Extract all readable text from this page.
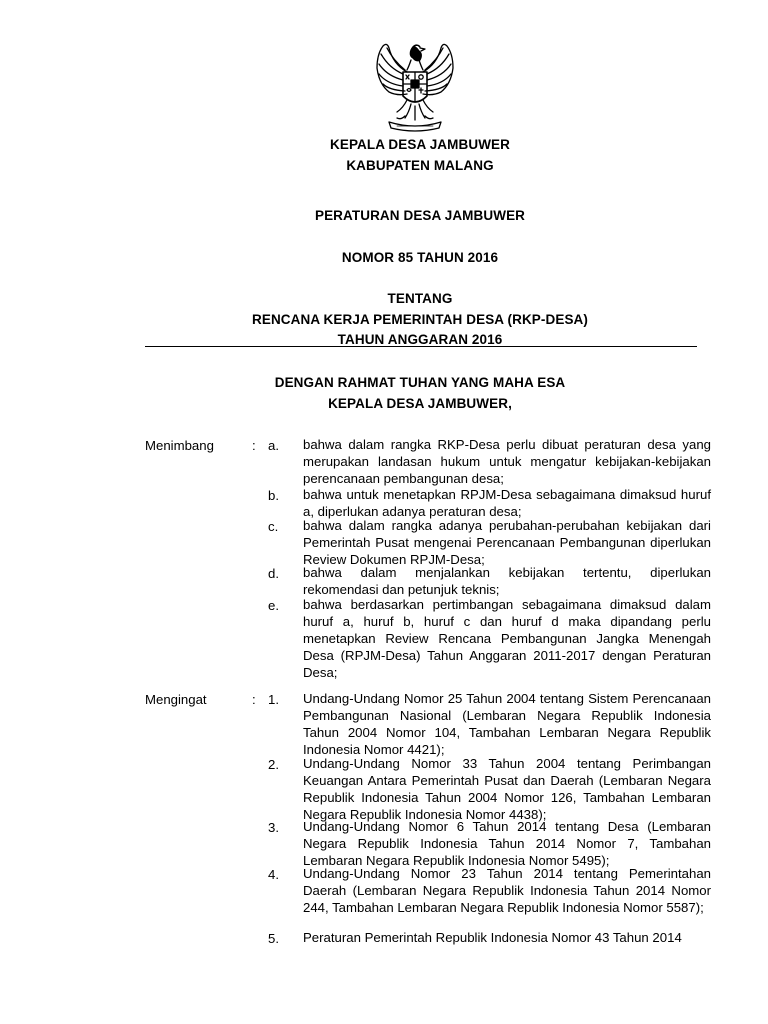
KEPALA DESA JAMBUWER
KABUPATEN MALANG
PERATURAN DESA JAMBUWER
NOMOR 85 TAHUN 2016
TENTANG
RENCANA KERJA PEMERINTAH DESA (RKP-DESA)
TAHUN ANGGARAN 2016
DENGAN RAHMAT TUHAN YANG MAHA ESA
KEPALA DESA JAMBUWER,
Menimbang	: a.	bahwa dalam rangka RKP-Desa perlu dibuat peraturan desa yang merupakan landasan hukum untuk mengatur kebijakan-kebijakan perencanaan pembangunan desa;
b.	bahwa untuk menetapkan RPJM-Desa sebagaimana dimaksud huruf a, diperlukan adanya peraturan desa;
c.	bahwa dalam rangka adanya perubahan-perubahan kebijakan dari Pemerintah Pusat mengenai Perencanaan Pembangunan diperlukan Review Dokumen RPJM-Desa;
d.	bahwa dalam menjalankan kebijakan tertentu, diperlukan rekomendasi dan petunjuk teknis;
e.	bahwa berdasarkan pertimbangan sebagaimana dimaksud dalam huruf a, huruf b, huruf c dan huruf d maka dipandang perlu menetapkan Review Rencana Pembangunan Jangka Menengah Desa (RPJM-Desa) Tahun Anggaran 2011-2017 dengan Peraturan Desa;
Mengingat	: 1.	Undang-Undang Nomor 25 Tahun 2004 tentang Sistem Perencanaan Pembangunan Nasional (Lembaran Negara Republik Indonesia Tahun 2004 Nomor 104, Tambahan Lembaran Negara Republik Indonesia Nomor 4421);
2.	Undang-Undang Nomor 33 Tahun 2004 tentang Perimbangan Keuangan Antara Pemerintah Pusat dan Daerah (Lembaran Negara Republik Indonesia Tahun 2004 Nomor 126, Tambahan Lembaran Negara Republik Indonesia Nomor 4438);
3.	Undang-Undang Nomor 6 Tahun 2014 tentang Desa (Lembaran Negara Republik Indonesia Tahun 2014 Nomor 7, Tambahan Lembaran Negara Republik Indonesia Nomor 5495);
4.	Undang-Undang Nomor 23 Tahun 2014 tentang Pemerintahan Daerah (Lembaran Negara Republik Indonesia Tahun 2014 Nomor 244, Tambahan Lembaran Negara Republik Indonesia Nomor 5587);
5.	Peraturan Pemerintah Republik Indonesia Nomor 43 Tahun 2014
